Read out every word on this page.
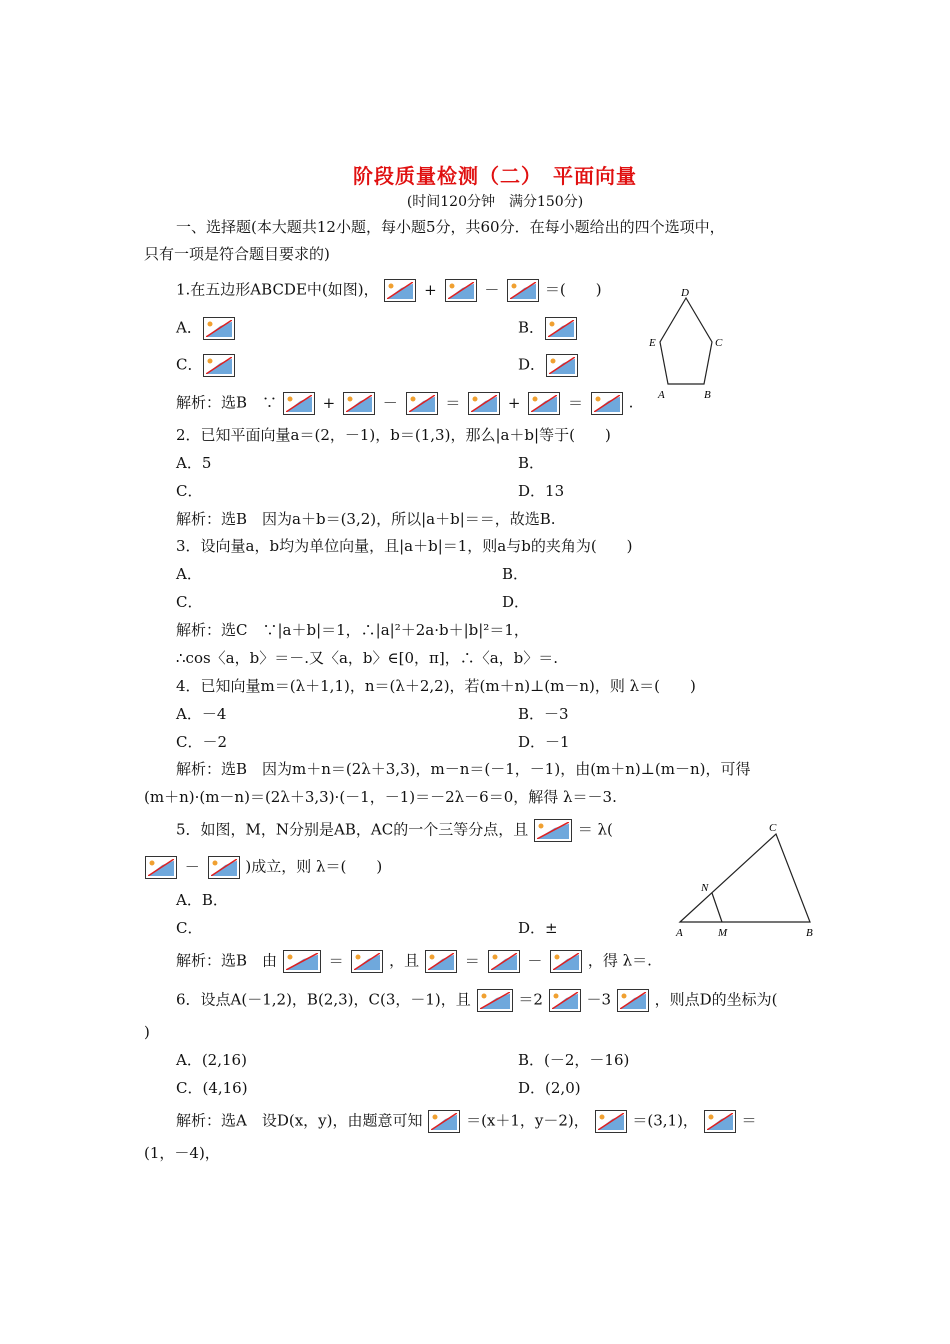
阶段质量检测（二）　平面向量
(时间120分钟　满分150分)
一、选择题(本大题共12小题，每小题5分，共60分．在每小题给出的四个选项中，
只有一项是符合题目要求的)
1.在五边形ABCDE中(如图)，	+	－	＝(　　)
A．	B．
C．	D．
解析：选B　∵	+	－	＝	+	＝	.
D
E	C
A	B
2．已知平面向量a＝(2，－1)，b＝(1,3)，那么|a＋b|等于(　　)
A．5	B．
C．	D．13
解析：选B　因为a＋b＝(3,2)，所以|a＋b|＝＝，故选B.
3．设向量a，b均为单位向量，且|a＋b|＝1，则a与b的夹角为(　　)
A．	B．
C．	D．
解析：选C　∵|a＋b|＝1，∴|a|²＋2a·b＋|b|²＝1，
∴cos〈a，b〉＝－.又〈a，b〉∈[0，π]，∴〈a，b〉＝.
4．已知向量m＝(λ＋1,1)，n＝(λ＋2,2)，若(m＋n)⊥(m－n)，则 λ＝(　　)
A．－4	B．－3
C．－2	D．－1
解析：选B　因为m＋n＝(2λ＋3,3)，m－n＝(－1，－1)，由(m＋n)⊥(m－n)，可得
(m＋n)·(m－n)＝(2λ＋3,3)·(－1，－1)＝－2λ－6＝0，解得 λ＝－3.
5．如图，M，N分别是AB，AC的一个三等分点，且	＝ λ(
－	)成立，则 λ＝(　　)
A．B．
C．	D．±
解析：选B　由	＝	，且	＝	－	，得 λ＝.
C
N
A	M	B
6．设点A(－1,2)，B(2,3)，C(3，－1)，且	＝2	－3	，则点D的坐标为(
)
A．(2,16)	B．(－2，－16)
C．(4,16)	D．(2,0)
解析：选A　设D(x，y)，由题意可知	＝(x＋1，y－2)，	＝(3,1)，	＝
(1，－4)，
